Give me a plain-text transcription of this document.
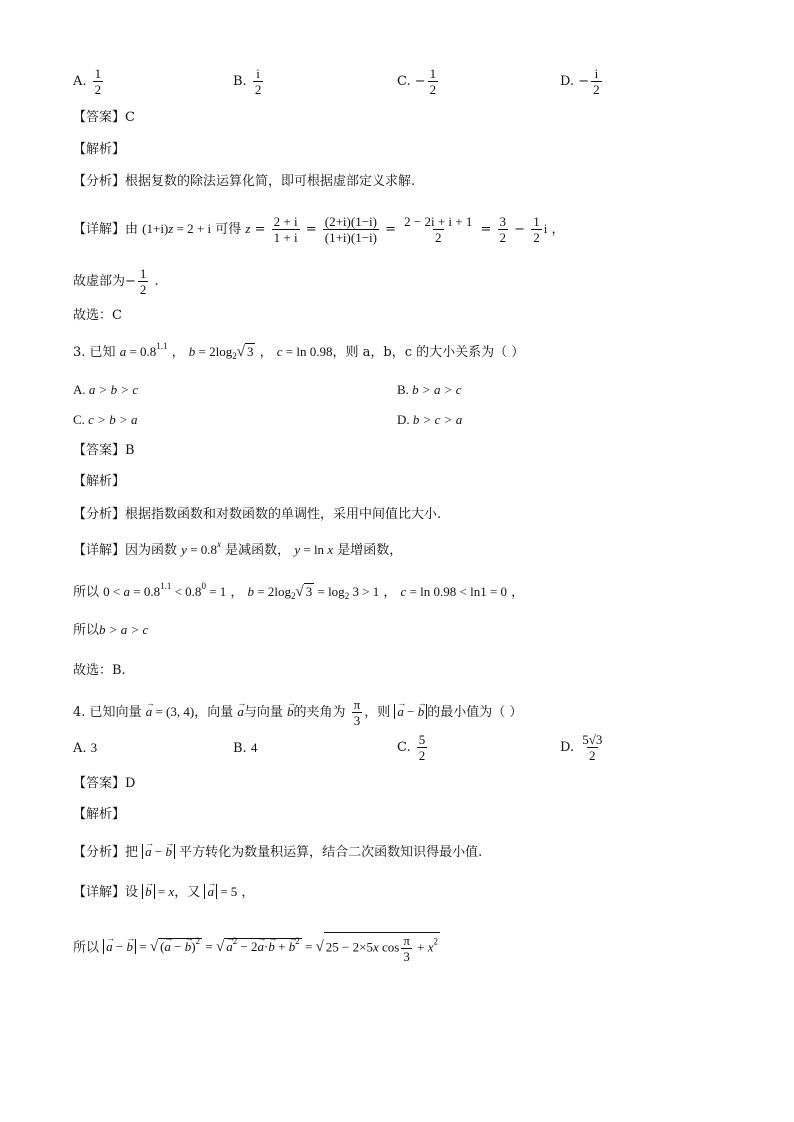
A. $\frac{1}{2}$	B. $\frac{i}{2}$	C. − $\frac{1}{2}$	D. − $\frac{i}{2}$
【答案】C
【解析】
【分析】根据复数的除法运算化简，即可根据虚部定义求解.
【详解】由 (1+i)z = 2 + i 可得 $z = \frac{2 + i}{1 + i} = \frac{(2+i)(1-i)}{(1+i)(1-i)} = \frac{2 - 2i + i + 1}{2} = \frac{3}{2} - \frac{1}{2}$ i ，
故虚部为− $\frac{1}{2}$ .
故选：C
3. 已知 $a = 0.8^{1.1}$ ， $b = 2\log_2√$ 3 ， c = ln 0.98，则 a，b，c 的大小关系为（ ）
A. a > b > c	B. b > a > c
C. c > b > a	D. b > c > a
【答案】B
【解析】
【分析】根据指数函数和对数函数的单调性，采用中间值比大小.
【详解】因为函数 $y = 0.8^x$ 是减函数， y = ln x 是增函数，
所以 $0 < a = 0.8^{1.1} < 0.8^0 = 1$ ， $b = 2\log_2√$ $3 = \log_2 3 > 1$ ， c = ln 0.98 < ln1 = 0 ，
所以b > a > c
故选：B.
4. 已知向量 → a = (3, 4)，向量 → a与向量 → b的夹角为 $\frac{\pi}{3}$ ，则 → a − → b 的最小值为（ ）
A. 3	B. 4	C. $\frac{5}{2}$	D. $\frac{5√3}{2}$
【答案】D
【解析】
【分析】把 → a − → b 平方转化为数量积运算，结合二次函数知识得最小值.
【详解】设 → b = x，又 → a = 5 ，
所以 → a − → b = √ (→ a − → b)$^2$ = √ → $a^2 - 2\to a\cdot\to b$ + → $b^2$ = √ 25 − 2×5x $\cos \frac{\pi}{3} + x^2$
